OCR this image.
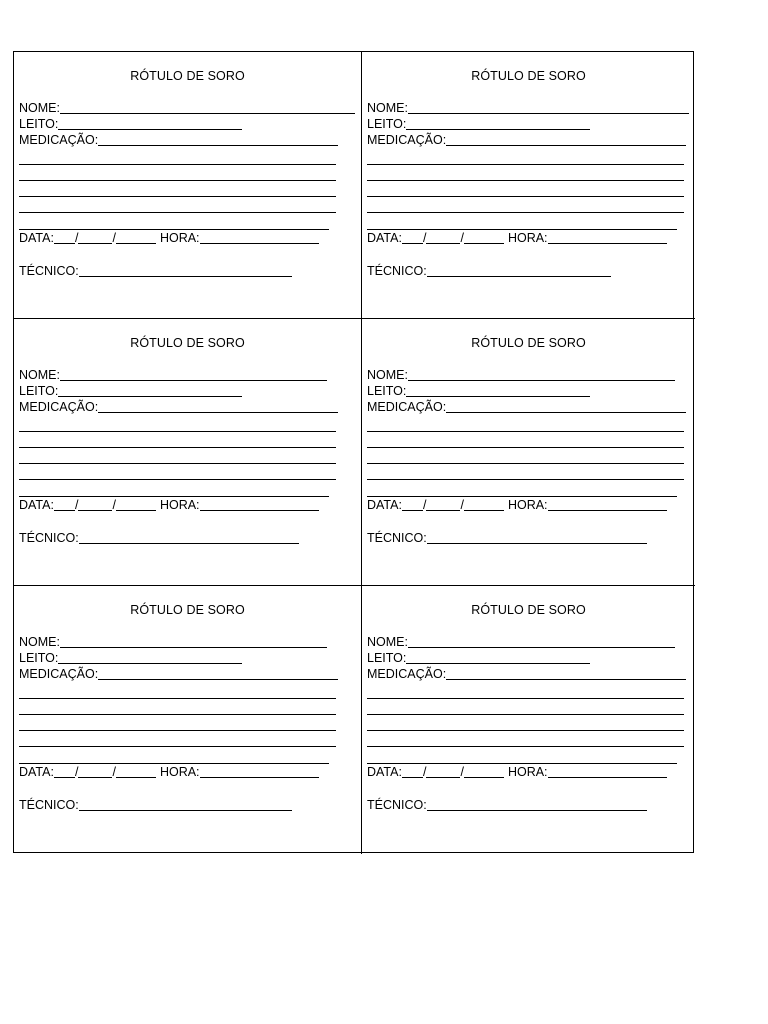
RÓTULO DE SORO
NOME:
LEITO:
MEDICAÇÃO:
DATA: /	/	HORA:
TÉCNICO:
RÓTULO DE SORO
NOME:
LEITO:
MEDICAÇÃO:
DATA: /	/	HORA:
TÉCNICO:
RÓTULO DE SORO
NOME:
LEITO:
MEDICAÇÃO:
DATA: /	/	HORA:
TÉCNICO:
RÓTULO DE SORO
NOME:
LEITO:
MEDICAÇÃO:
DATA: /	/	HORA:
TÉCNICO:
RÓTULO DE SORO
NOME:
LEITO:
MEDICAÇÃO:
DATA: /	/	HORA:
TÉCNICO:
RÓTULO DE SORO
NOME:
LEITO:
MEDICAÇÃO:
DATA: /	/	HORA:
TÉCNICO:
